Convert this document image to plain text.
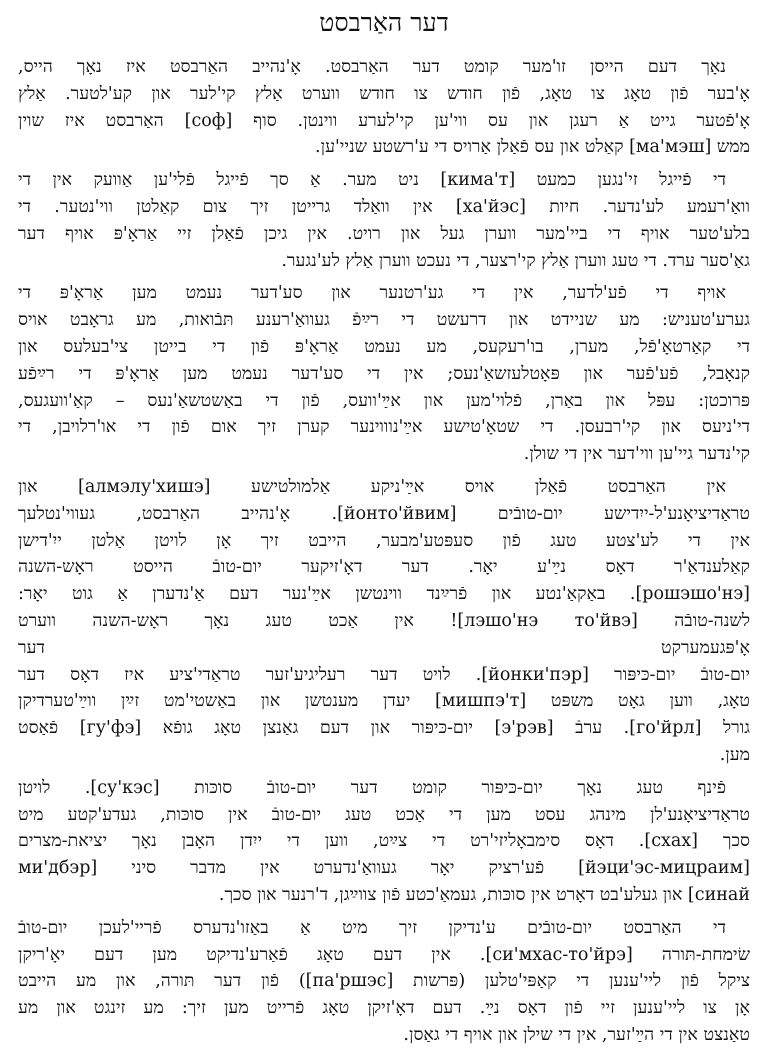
דער האַרבסט
נאָך דעם הייסן זו'מער קומט דער האַרבסט. אָ'נהייב האַרבסט איז נאָך הייס,
אָ'בער פֿון טאָג צו טאָג, פֿון חודש צו חודש ווערט אַלץ קי'לער און קע'לטער. אַלץ
אָ'פֿטער גייט אַ רעגן און עס ווי'ען קי'לערע ווינטן. סוף [соф] האַרבסט איז שוין
ממש [ма'мэш] קאַלט און עס פֿאַלן אַרויס די ע'רשטע שניי'ען.
די פֿייגל זי'נגען כמעט [кима'т] ניט מער. אַ סך פֿייגל פֿלי'ען אַוועק אין די
וואַ'רעמע לע'נדער. חיות [ха'йэс] אין וואַלד גרייטן זיך צום קאַלטן ווי'נטער. די
בלע'טער אויף די ביי'מער ווערן געל און רויט. אין גיכן פֿאַלן זיי אַראָ'פּ אויף דער
גאַ'סער ערד. די טעג ווערן אַלץ קי'רצער, די נעכט ווערן אַלץ לע'נגער.
אויף די פֿע'לדער, אין די גע'רטנער און סע'דער נעמט מען אַראָ'פּ די
גערע'טעניש: מע שניידט און דרעשט די רײַפֿ געוואַ'רענע תּבֿואות, מע גראָבט אויס
די קאַרטאָ'פֿל, מערן, בו'רעקעס, מע נעמט אַראָ'פּ פֿון די בייטן צי'בעלעס און
קנאָבל, פֿע'פֿער און פּאָטלעזשאַ'נעס; אין די סע'דער נעמט מען אַראָ'פּ די רײַפֿע
פּרוכטן: עפּל און באַרן, פֿלוי'מען און אײַ'וועס, פֿון די באַשטשאַ'נעס – קאַ'וועגעס,
די'ניעס און קי'רבעסן. די שטאָ'טישע אײַ'נוווינער קערן זיך אום פֿון די או'רלויבן, די
קי'נדער גיי'ען ווי'דער אין די שולן.
אין האַרבסט פֿאַלן אויס אײַ'ניקע אַלמולטישע [алмэлу'хишэ] און
טראַדיציאָנע'ל-ייִדישע יום-טובֿים [йонто'йвим]. אָ'נהייב האַרבסט, געווי'נטלעך
אין די לע'צטע טעג פֿון סעפּטע'מבער, הייבט זיך אָן לויטן אַלטן ייִ'דישן
קאַלענדאַ'ר דאָס נײַ'ע יאָר. דער דאָ'זיקער יום-טובֿ הייסט ראָש-השנה
[рошэшо'нэ]. באַקאַ'נטע און פֿרײַנד ווינטשן אײַ'נער דעם אַ'נדערן אַ גוט יאָר:
לשנה-טובֿה [лэшо'нэ то'йвэ]! אין אַכט טעג נאָך ראָש-השנה ווערט
אָ'פּגעמערקט דער
יום-טובֿ יום-כּיפּור [йонки'пэр]. לויט דער רעליגיע'זער טראַדי'ציע איז דאָס דער
טאָג, ווען גאָט משפּט [мишпэ'т] יעדן מענטשן און באַשטי'מט זײַן ווײַ'טערדיקן
גורל [го'йрл]. ערבֿ [э'рэв] יום-כּיפּור און דעם גאַנצן טאָג גופֿא [гу'фэ] פֿאַסט
מען.
פֿינף טעג נאָך יום-כּיפּור קומט דער יום-טובֿ סוכּות [су'кэс]. לויטן
טראַדיציאָנע'לן מינהג עסט מען די אַכט טעג יום-טובֿ אין סוכּות, געדע'קטע מיט
סכך [схах]. דאָס סימבאָליזי'רט די צײַט, ווען די ייִדן האָבן נאָך יציאת-מצרים
[йэци'эс-мицраим] פֿע'רציק יאָר געוואַ'נדערט אין מדבר סיני [ми'дбэр
синай] און געלע'בט דאָרט אין סוכּות, געמאַ'כטע פֿון צווײַגן, ד'רנער און סכך.
די האַרבסט יום-טובֿים ע'נדיקן זיך מיט אַ באַזו'נדערס פֿריי'לעכן יום-טובֿ
שׂימחת-תּורה [си'мхас-то'йрэ]. אין דעם טאָג פֿאַרע'נדיקט מען דעם יאָ'ריקן
ציקל פֿון ליי'ענען די קאַפּי'טלען (פּרשות [па'ршэс]) פֿון דער תּורה, און מע הייבט
אָן צו ליי'ענען זיי פֿון דאָס נײַ. דעם דאָ'זיקן טאָג פֿרייט מען זיך: מע זינגט און מע
טאַנצט אין די הײַ'זער, אין די שילן און אויף די גאַסן.
